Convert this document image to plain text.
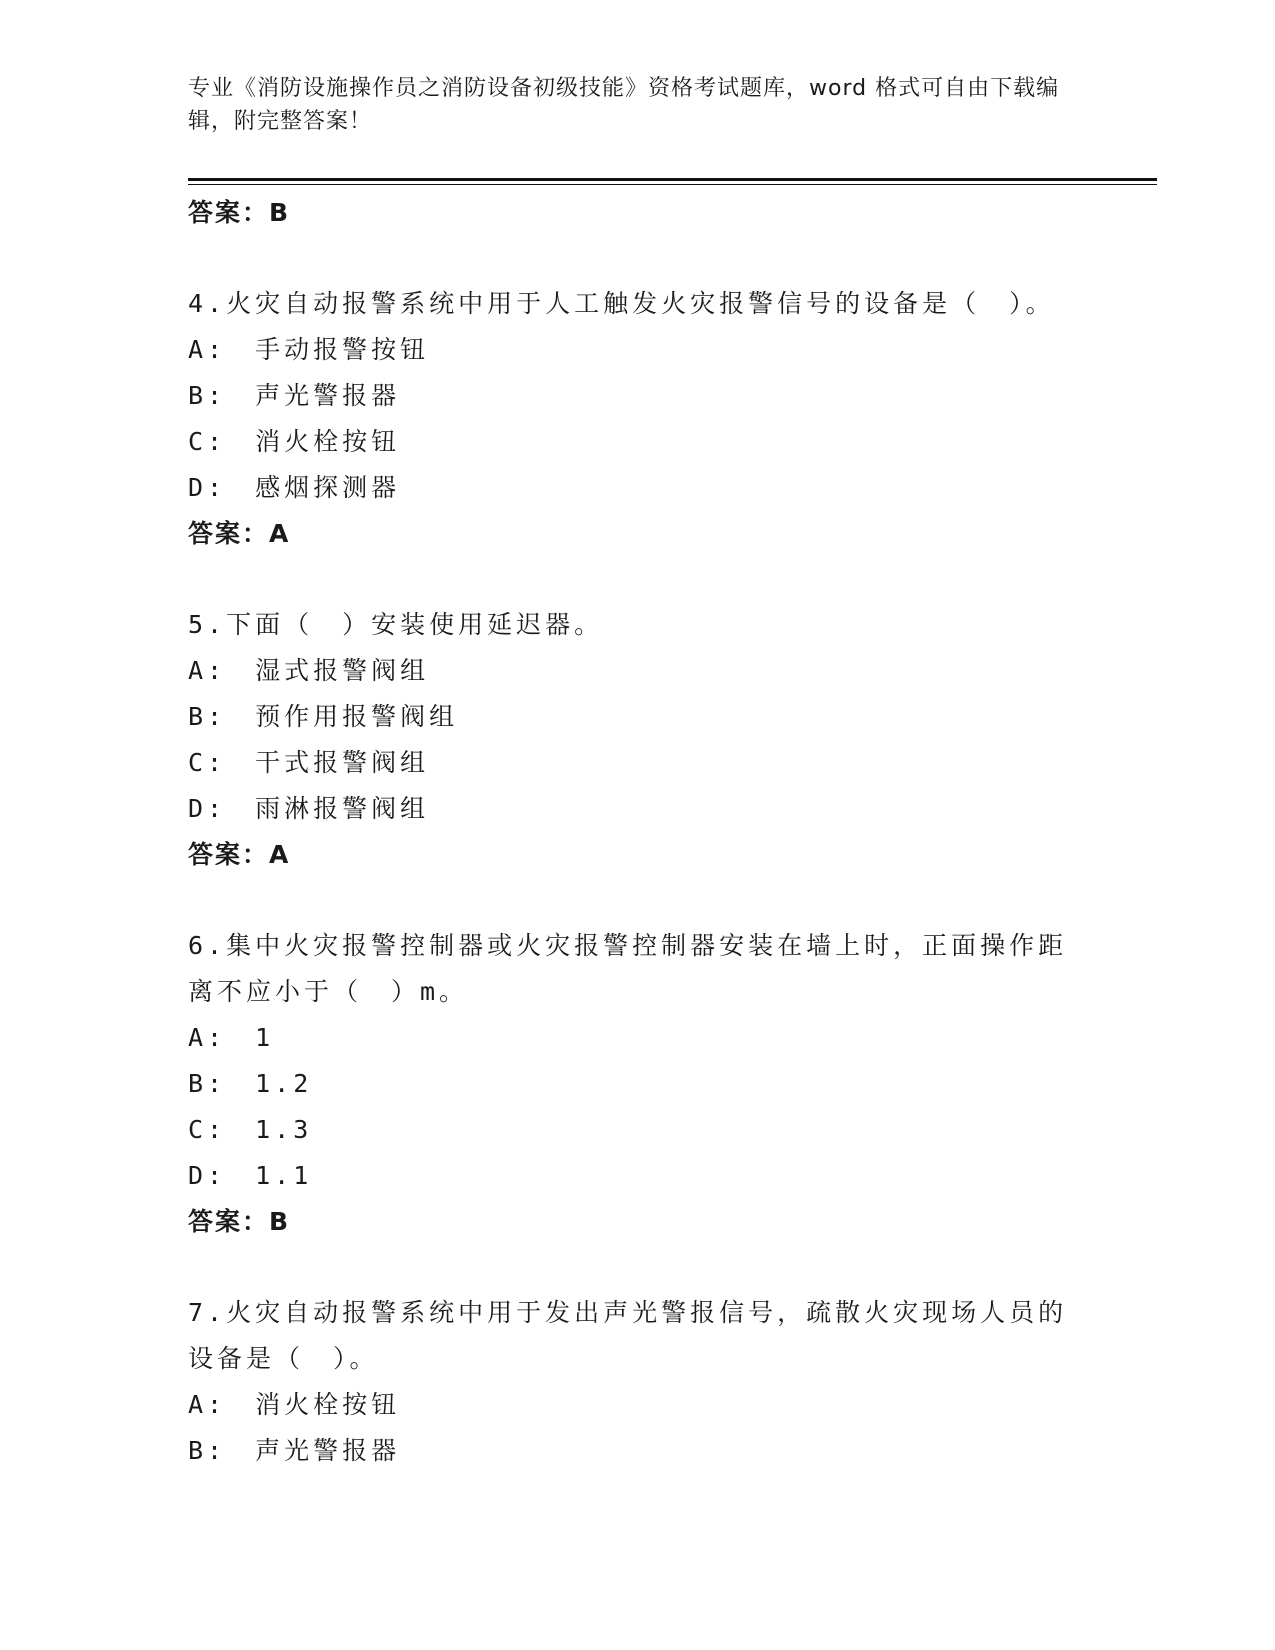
专业《消防设施操作员之消防设备初级技能》资格考试题库，word 格式可自由下载编辑，附完整答案！
答案：B
4.火灾自动报警系统中用于人工触发火灾报警信号的设备是（　）。
A:　手动报警按钮
B:　声光警报器
C:　消火栓按钮
D:　感烟探测器
答案：A
5.下面（　）安装使用延迟器。
A:　湿式报警阀组
B:　预作用报警阀组
C:　干式报警阀组
D:　雨淋报警阀组
答案：A
6.集中火灾报警控制器或火灾报警控制器安装在墙上时，正面操作距离不应小于（　）m。
A:　1
B:　1.2
C:　1.3
D:　1.1
答案：B
7.火灾自动报警系统中用于发出声光警报信号，疏散火灾现场人员的设备是（　）。
A:　消火栓按钮
B:　声光警报器
